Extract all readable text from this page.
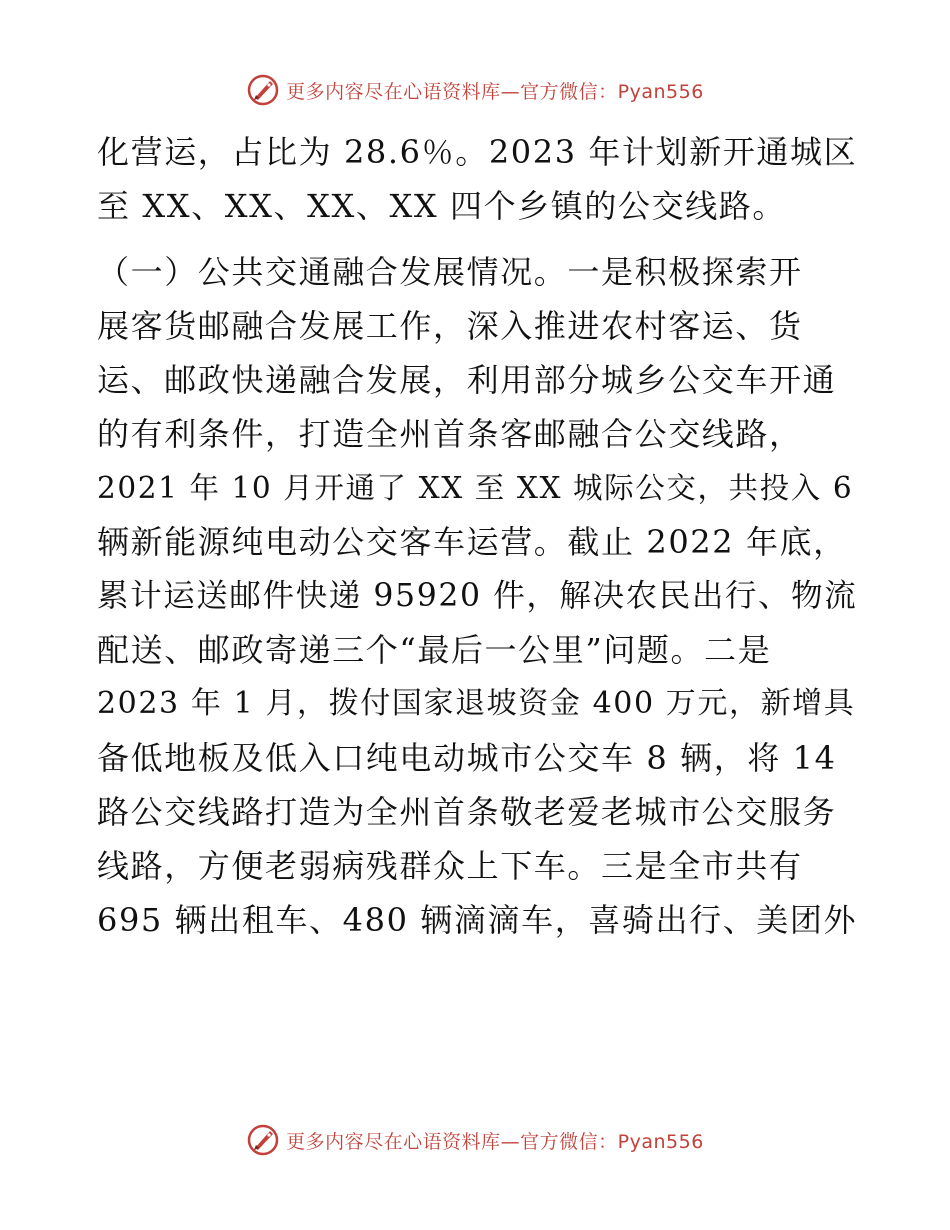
更多内容尽在心语资料库—官方微信：Pyan556
化营运，占比为 28.6％。2023 年计划新开通城区
至 XX、XX、XX、XX 四个乡镇的公交线路。
（一）公共交通融合发展情况。一是积极探索开
展客货邮融合发展工作，深入推进农村客运、货
运、邮政快递融合发展，利用部分城乡公交车开通
的有利条件，打造全州首条客邮融合公交线路，
2021 年 10 月开通了 XX 至 XX 城际公交，共投入 6
辆新能源纯电动公交客车运营。截止 2022 年底，
累计运送邮件快递 95920 件，解决农民出行、物流
配送、邮政寄递三个“最后一公里”问题。二是
2023 年 1 月，拨付国家退坡资金 400 万元，新增具
备低地板及低入口纯电动城市公交车 8 辆，将 14
路公交线路打造为全州首条敬老爱老城市公交服务
线路，方便老弱病残群众上下车。三是全市共有
695 辆出租车、480 辆滴滴车，喜骑出行、美团外
更多内容尽在心语资料库—官方微信：Pyan556
